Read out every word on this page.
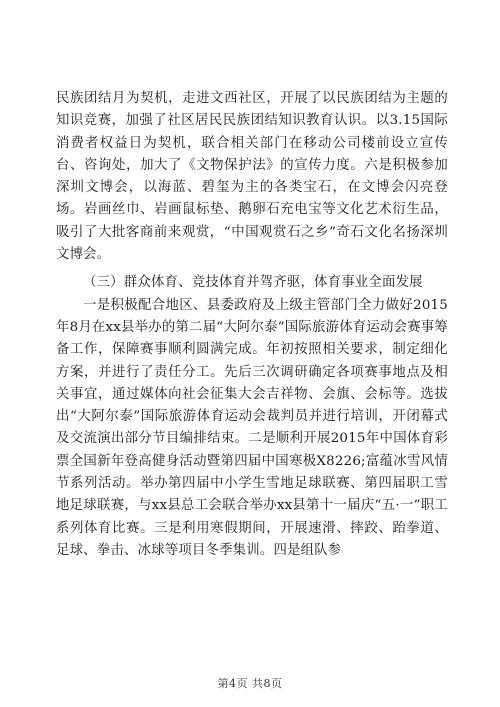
民族团结月为契机，走进文西社区，开展了以民族团结为主题的知识竞赛，加强了社区居民民族团结知识教育认识。以3.15国际消费者权益日为契机，联合相关部门在移动公司楼前设立宣传台、咨询处，加大了《文物保护法》的宣传力度。六是积极参加深圳文博会，以海蓝、碧玺为主的各类宝石，在文博会闪亮登场。岩画丝巾、岩画鼠标垫、鹅卵石充电宝等文化艺术衍生品，吸引了大批客商前来观赏，“中国观赏石之乡”奇石文化名扬深圳文博会。

（三）群众体育、竞技体育并驾齐驱，体育事业全面发展

一是积极配合地区、县委政府及上级主管部门全力做好2015年8月在xx县举办的第二届“大阿尔泰”国际旅游体育运动会赛事筹备工作，保障赛事顺利圆满完成。年初按照相关要求，制定细化方案，并进行了责任分工。先后三次调研确定各项赛事地点及相关事宜，通过媒体向社会征集大会吉祥物、会旗、会标等。选拔出“大阿尔泰”国际旅游体育运动会裁判员并进行培训，开闭幕式及交流演出部分节目编排结束。二是顺利开展2015年中国体育彩票全国新年登高健身活动暨第四届中国寒极X8226;富蕴冰雪风情节系列活动。举办第四届中小学生雪地足球联赛、第四届职工雪地足球联赛，与xx县总工会联合举办xx县第十一届庆“五·一”职工系列体育比赛。三是利用寒假期间，开展速滑、摔跤、跆拳道、足球、拳击、冰球等项目冬季集训。四是组队参

第4页 共8页
